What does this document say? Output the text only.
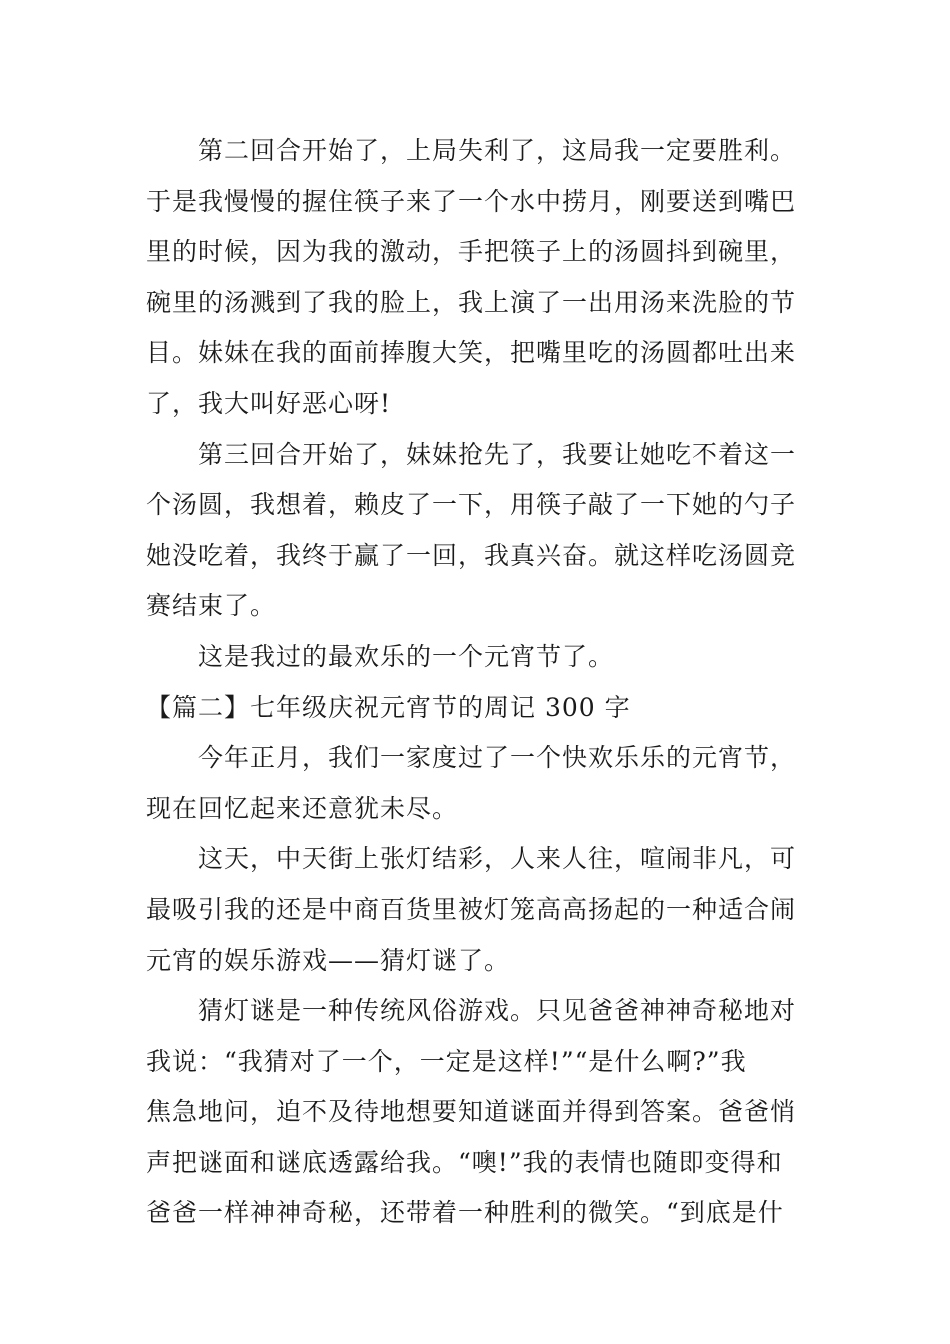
第二回合开始了，上局失利了，这局我一定要胜利。
于是我慢慢的握住筷子来了一个水中捞月，刚要送到嘴巴
里的时候，因为我的激动，手把筷子上的汤圆抖到碗里，
碗里的汤溅到了我的脸上，我上演了一出用汤来洗脸的节
目。妹妹在我的面前捧腹大笑，把嘴里吃的汤圆都吐出来
了，我大叫好恶心呀!
第三回合开始了，妹妹抢先了，我要让她吃不着这一
个汤圆，我想着，赖皮了一下，用筷子敲了一下她的勺子
她没吃着，我终于赢了一回，我真兴奋。就这样吃汤圆竞
赛结束了。
这是我过的最欢乐的一个元宵节了。
【篇二】七年级庆祝元宵节的周记 300 字
今年正月，我们一家度过了一个快欢乐乐的元宵节，
现在回忆起来还意犹未尽。
这天，中天街上张灯结彩，人来人往，喧闹非凡，可
最吸引我的还是中商百货里被灯笼高高扬起的一种适合闹
元宵的娱乐游戏——猜灯谜了。
猜灯谜是一种传统风俗游戏。只见爸爸神神奇秘地对
我说：“我猜对了一个，一定是这样!”“是什么啊?”我
焦急地问，迫不及待地想要知道谜面并得到答案。爸爸悄
声把谜面和谜底透露给我。“噢!”我的表情也随即变得和
爸爸一样神神奇秘，还带着一种胜利的微笑。“到底是什
